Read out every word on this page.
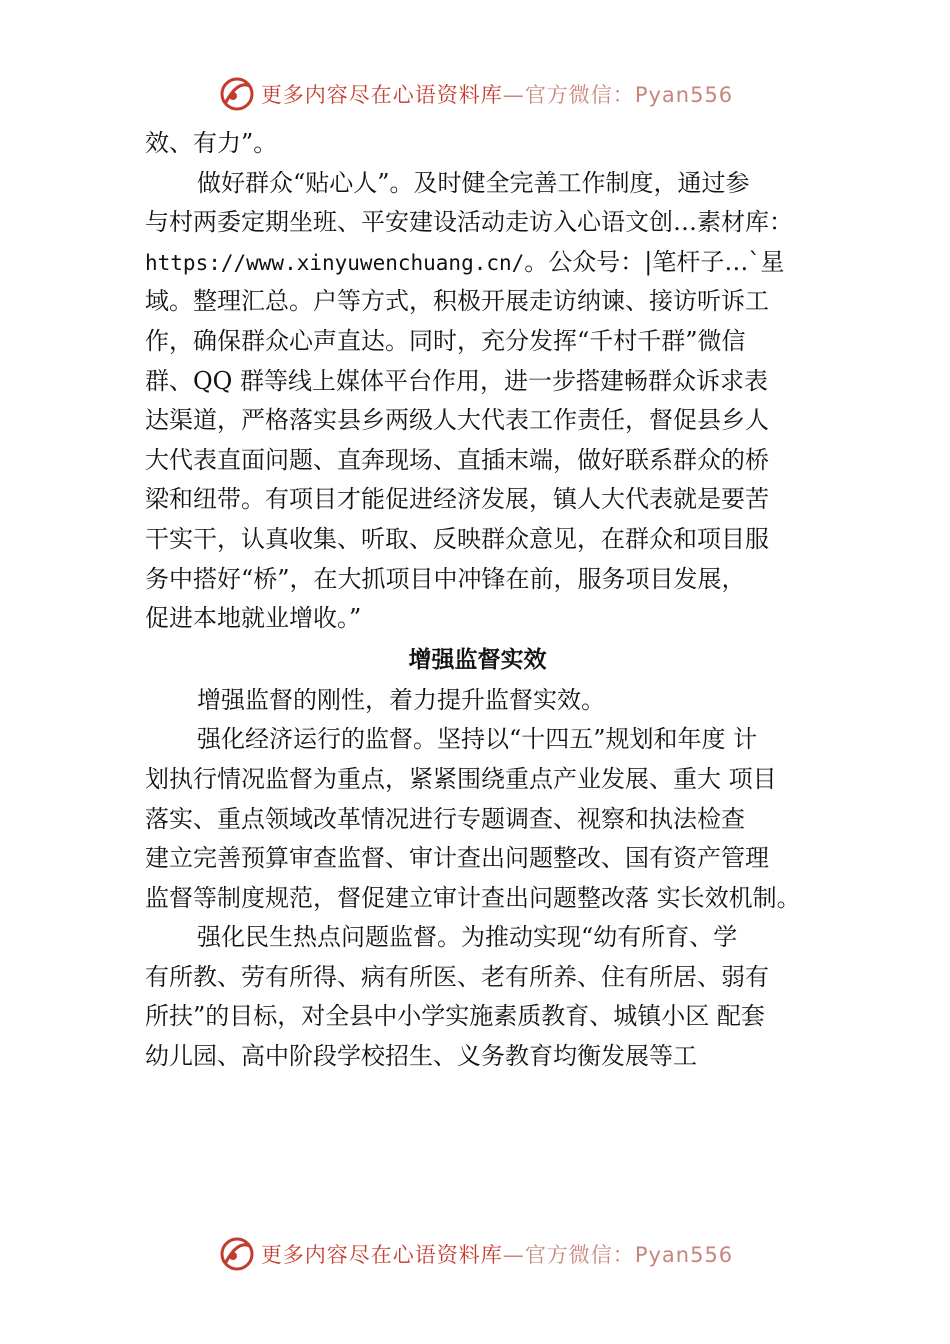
更多内容尽在心语资料库—官方微信：Pyan556
效、有力”。
做好群众“贴心人”。及时健全完善工作制度，通过参
与村两委定期坐班、平安建设活动走访入心语文创…素材库：
https://www.xinyuwenchuang.cn/。公众号：|笔杆子…`星
域。整理汇总。户等方式，积极开展走访纳谏、接访听诉工
作，确保群众心声直达。同时，充分发挥“千村千群”微信
群、QQ 群等线上媒体平台作用，进一步搭建畅群众诉求表
达渠道，严格落实县乡两级人大代表工作责任，督促县乡人
大代表直面问题、直奔现场、直插末端，做好联系群众的桥
梁和纽带。有项目才能促进经济发展，镇人大代表就是要苦
干实干，认真收集、听取、反映群众意见，在群众和项目服
务中搭好“桥”，在大抓项目中冲锋在前，服务项目发展，
促进本地就业增收。”
增强监督实效
增强监督的刚性，着力提升监督实效。
强化经济运行的监督。坚持以“十四五”规划和年度 计
划执行情况监督为重点，紧紧围绕重点产业发展、重大 项目
落实、重点领域改革情况进行专题调查、视察和执法检查
建立完善预算审查监督、审计查出问题整改、国有资产管理
监督等制度规范，督促建立审计查出问题整改落 实长效机制。
强化民生热点问题监督。为推动实现“幼有所育、学
有所教、劳有所得、病有所医、老有所养、住有所居、弱有
所扶”的目标，对全县中小学实施素质教育、城镇小区 配套
幼儿园、高中阶段学校招生、义务教育均衡发展等工
更多内容尽在心语资料库—官方微信：Pyan556
